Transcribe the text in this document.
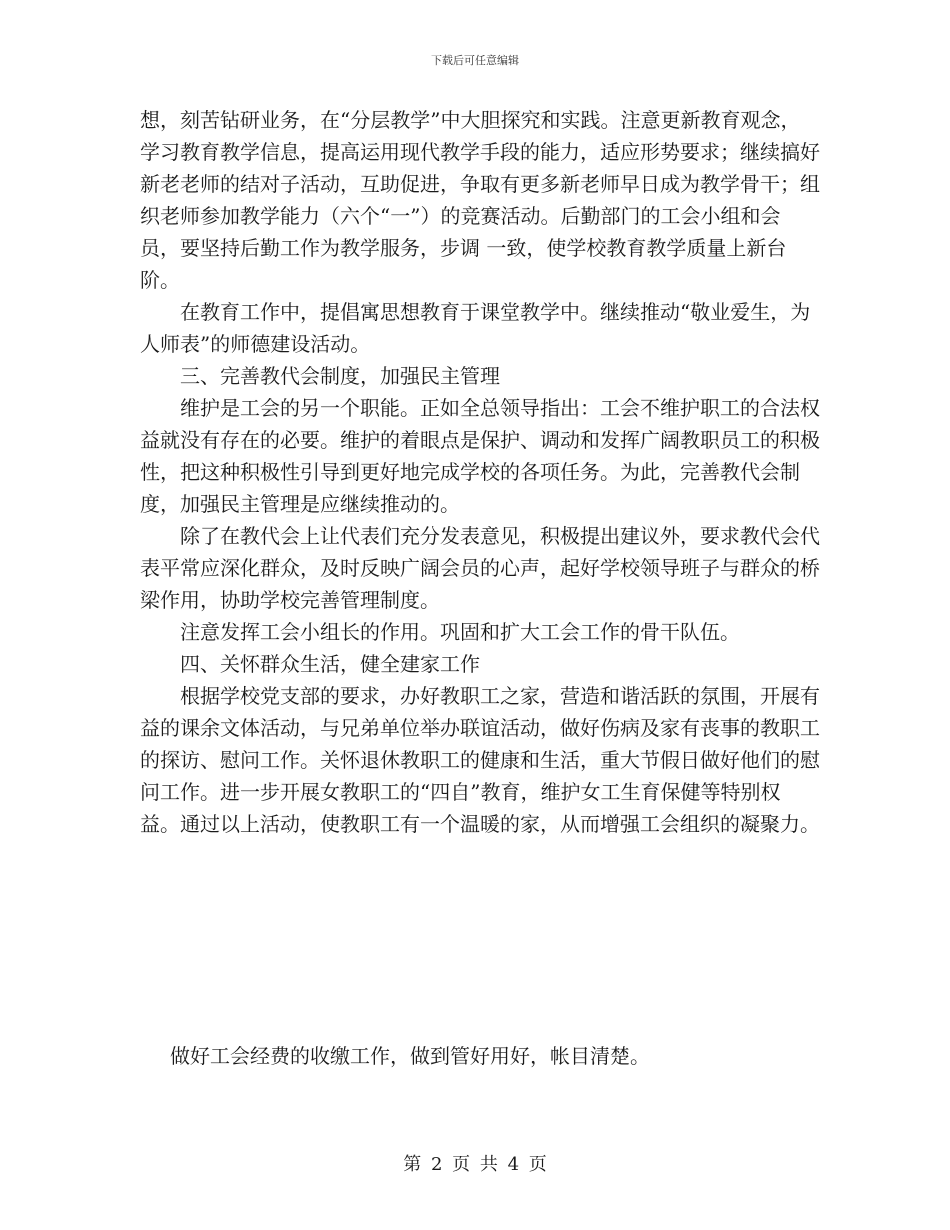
下载后可任意编辑

想，刻苦钻研业务，在“分层教学”中大胆探究和实践。注意更新教育观念，学习教育教学信息，提高运用现代教学手段的能力，适应形势要求；继续搞好新老老师的结对子活动，互助促进，争取有更多新老师早日成为教学骨干；组织老师参加教学能力（六个“一”）的竞赛活动。后勤部门的工会小组和会员，要坚持后勤工作为教学服务，步调 一致，使学校教育教学质量上新台阶。

在教育工作中，提倡寓思想教育于课堂教学中。继续推动“敬业爱生，为人师表”的师德建设活动。

三、完善教代会制度，加强民主管理

维护是工会的另一个职能。正如全总领导指出：工会不维护职工的合法权益就没有存在的必要。维护的着眼点是保护、调动和发挥广阔教职员工的积极性，把这种积极性引导到更好地完成学校的各项任务。为此，完善教代会制度，加强民主管理是应继续推动的。

除了在教代会上让代表们充分发表意见，积极提出建议外，要求教代会代表平常应深化群众，及时反映广阔会员的心声，起好学校领导班子与群众的桥梁作用，协助学校完善管理制度。

注意发挥工会小组长的作用。巩固和扩大工会工作的骨干队伍。

四、关怀群众生活，健全建家工作

根据学校党支部的要求，办好教职工之家，营造和谐活跃的氛围，开展有益的课余文体活动，与兄弟单位举办联谊活动，做好伤病及家有丧事的教职工的探访、慰问工作。关怀退休教职工的健康和生活，重大节假日做好他们的慰问工作。进一步开展女教职工的“四自”教育，维护女工生育保健等特别权益。通过以上活动，使教职工有一个温暖的家，从而增强工会组织的凝聚力。

做好工会经费的收缴工作，做到管好用好，帐目清楚。
第 2 页 共 4 页
